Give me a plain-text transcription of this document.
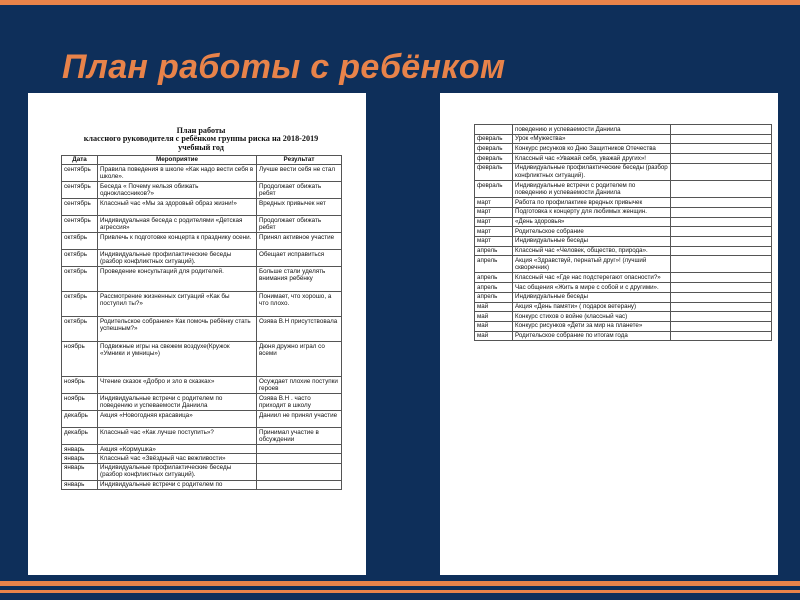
План работы с ребёнком
План работы
классного руководителя с ребёнком группы риска на 2018-2019
учебный год
Дата	Мероприятие	Результат
сентябрь	Правила поведения в школе «Как надо вести себя в школе».	Лучше вести себя не стал
сентябрь	Беседа « Почему нельзя обижать одноклассников?»	Продолжает обижать ребят
сентябрь	Классный час «Мы за здоровый образ жизни!»	Вредных привычек нет
сентябрь	Индивидуальная беседа с родителями «Детская агрессия»	Продолжает обижать ребят
октябрь	Привлечь к подготовке концерта к празднику осени.	Принял активное участие
октябрь	Индивидуальные профилактические беседы (разбор конфликтных ситуаций).	Обещает исправиться
октябрь	Проведение консультаций для родителей.	Больше стали уделять внимания ребёнку
октябрь	Рассмотрение жизненных ситуаций «Как бы поступил ты?»	Понимает, что хорошо, а что плохо.
октябрь	Родительское собрание» Как помочь ребёнку стать успешным?»	Озява В.Н присутствовала
ноябрь	Подвижные игры на свежем воздухе(Кружок «Умники и умницы»)	Дюня дружно играл со всеми
ноябрь	Чтение сказок «Добро и зло в сказках»	Осуждает плохие поступки героев
ноябрь	Индивидуальные встречи с родителем по поведению и успеваемости Даниила	Озява В.Н . часто приходит в школу
декабрь	Акция «Новогодняя красавица»	Даниил не принял участие
декабрь	Классный час «Как лучше поступить»?	Принимал участие в обсуждении
январь	Акция «Кормушка»	
январь	Классный час «Звёздный час вежливости»	
январь	Индивидуальные профилактические беседы (разбор конфликтных ситуаций).	
январь	Индивидуальные встречи с родителем по	
	поведению и успеваемости Даниила	
февраль	Урок «Мужества»	
февраль	Конкурс рисунков ко Дню Защитников Отечества	
февраль	Классный час «Уважай себя, уважай других»!	
февраль	Индивидуальные профилактические беседы (разбор конфликтных ситуаций).	
февраль	Индивидуальные встречи с родителем по поведению и успеваемости Даниила	
март	Работа по профилактике вредных привычек	
март	Подготовка к концерту для любимых женщин.	
март	«День здоровья»	
март	Родительское собрание	
март	Индивидуальные беседы	
апрель	Классный час «Человек, общество, природа».	
апрель	Акция «Здравствуй, пернатый друг»! (лучший скворечник)	
апрель	Классный час «Где нас подстерегают опасности?»	
апрель	Час общения «Жить в мире с собой и с другими».	
апрель	Индивидуальные беседы	
май	Акция «День памяти» ( подарок ветерану)	
май	Конкурс стихов о войне (классный час)	
май	Конкурс рисунков «Дети за мир на планете»	
май	Родительское собрание по итогам года	
